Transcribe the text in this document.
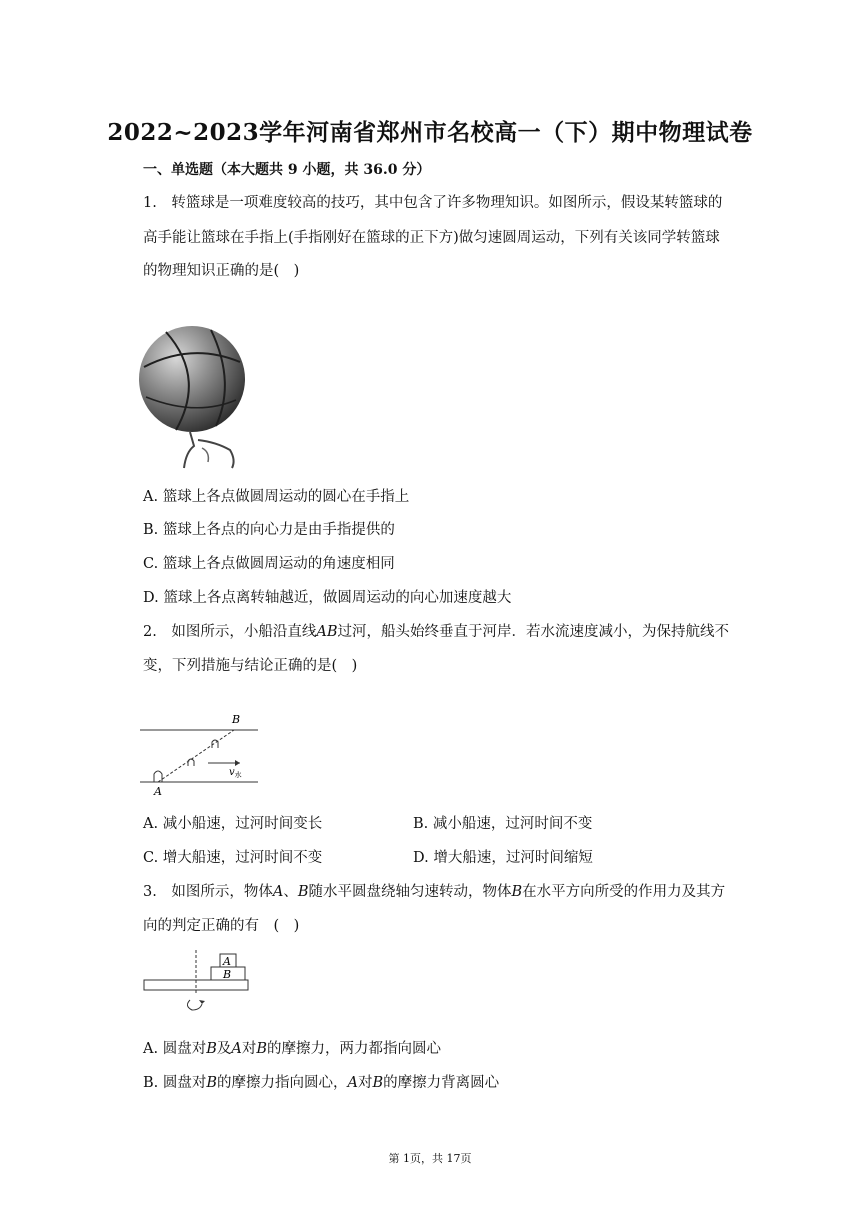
2022~2023学年河南省郑州市名校高一（下）期中物理试卷
一、单选题（本大题共 9 小题，共 36.0 分）
1.　转篮球是一项难度较高的技巧，其中包含了许多物理知识。如图所示，假设某转篮球的
高手能让篮球在手指上(手指刚好在篮球的正下方)做匀速圆周运动，下列有关该同学转篮球
的物理知识正确的是(　)
A. 篮球上各点做圆周运动的圆心在手指上
B. 篮球上各点的向心力是由手指提供的
C. 篮球上各点做圆周运动的角速度相同
D. 篮球上各点离转轴越近，做圆周运动的向心加速度越大
2.　如图所示，小船沿直线AB过河，船头始终垂直于河岸．若水流速度减小，为保持航线不
变，下列措施与结论正确的是(　)
A
B
$v_水$
A. 减小船速，过河时间变长	B. 减小船速，过河时间不变
C. 增大船速，过河时间不变	D. 增大船速，过河时间缩短
3.　如图所示，物体A、B随水平圆盘绕轴匀速转动，物体B在水平方向所受的作用力及其方
向的判定正确的有　(　)
A
B
A. 圆盘对B及A对B的摩擦力，两力都指向圆心
B. 圆盘对B的摩擦力指向圆心，A对B的摩擦力背离圆心
第 1页，共 17页
